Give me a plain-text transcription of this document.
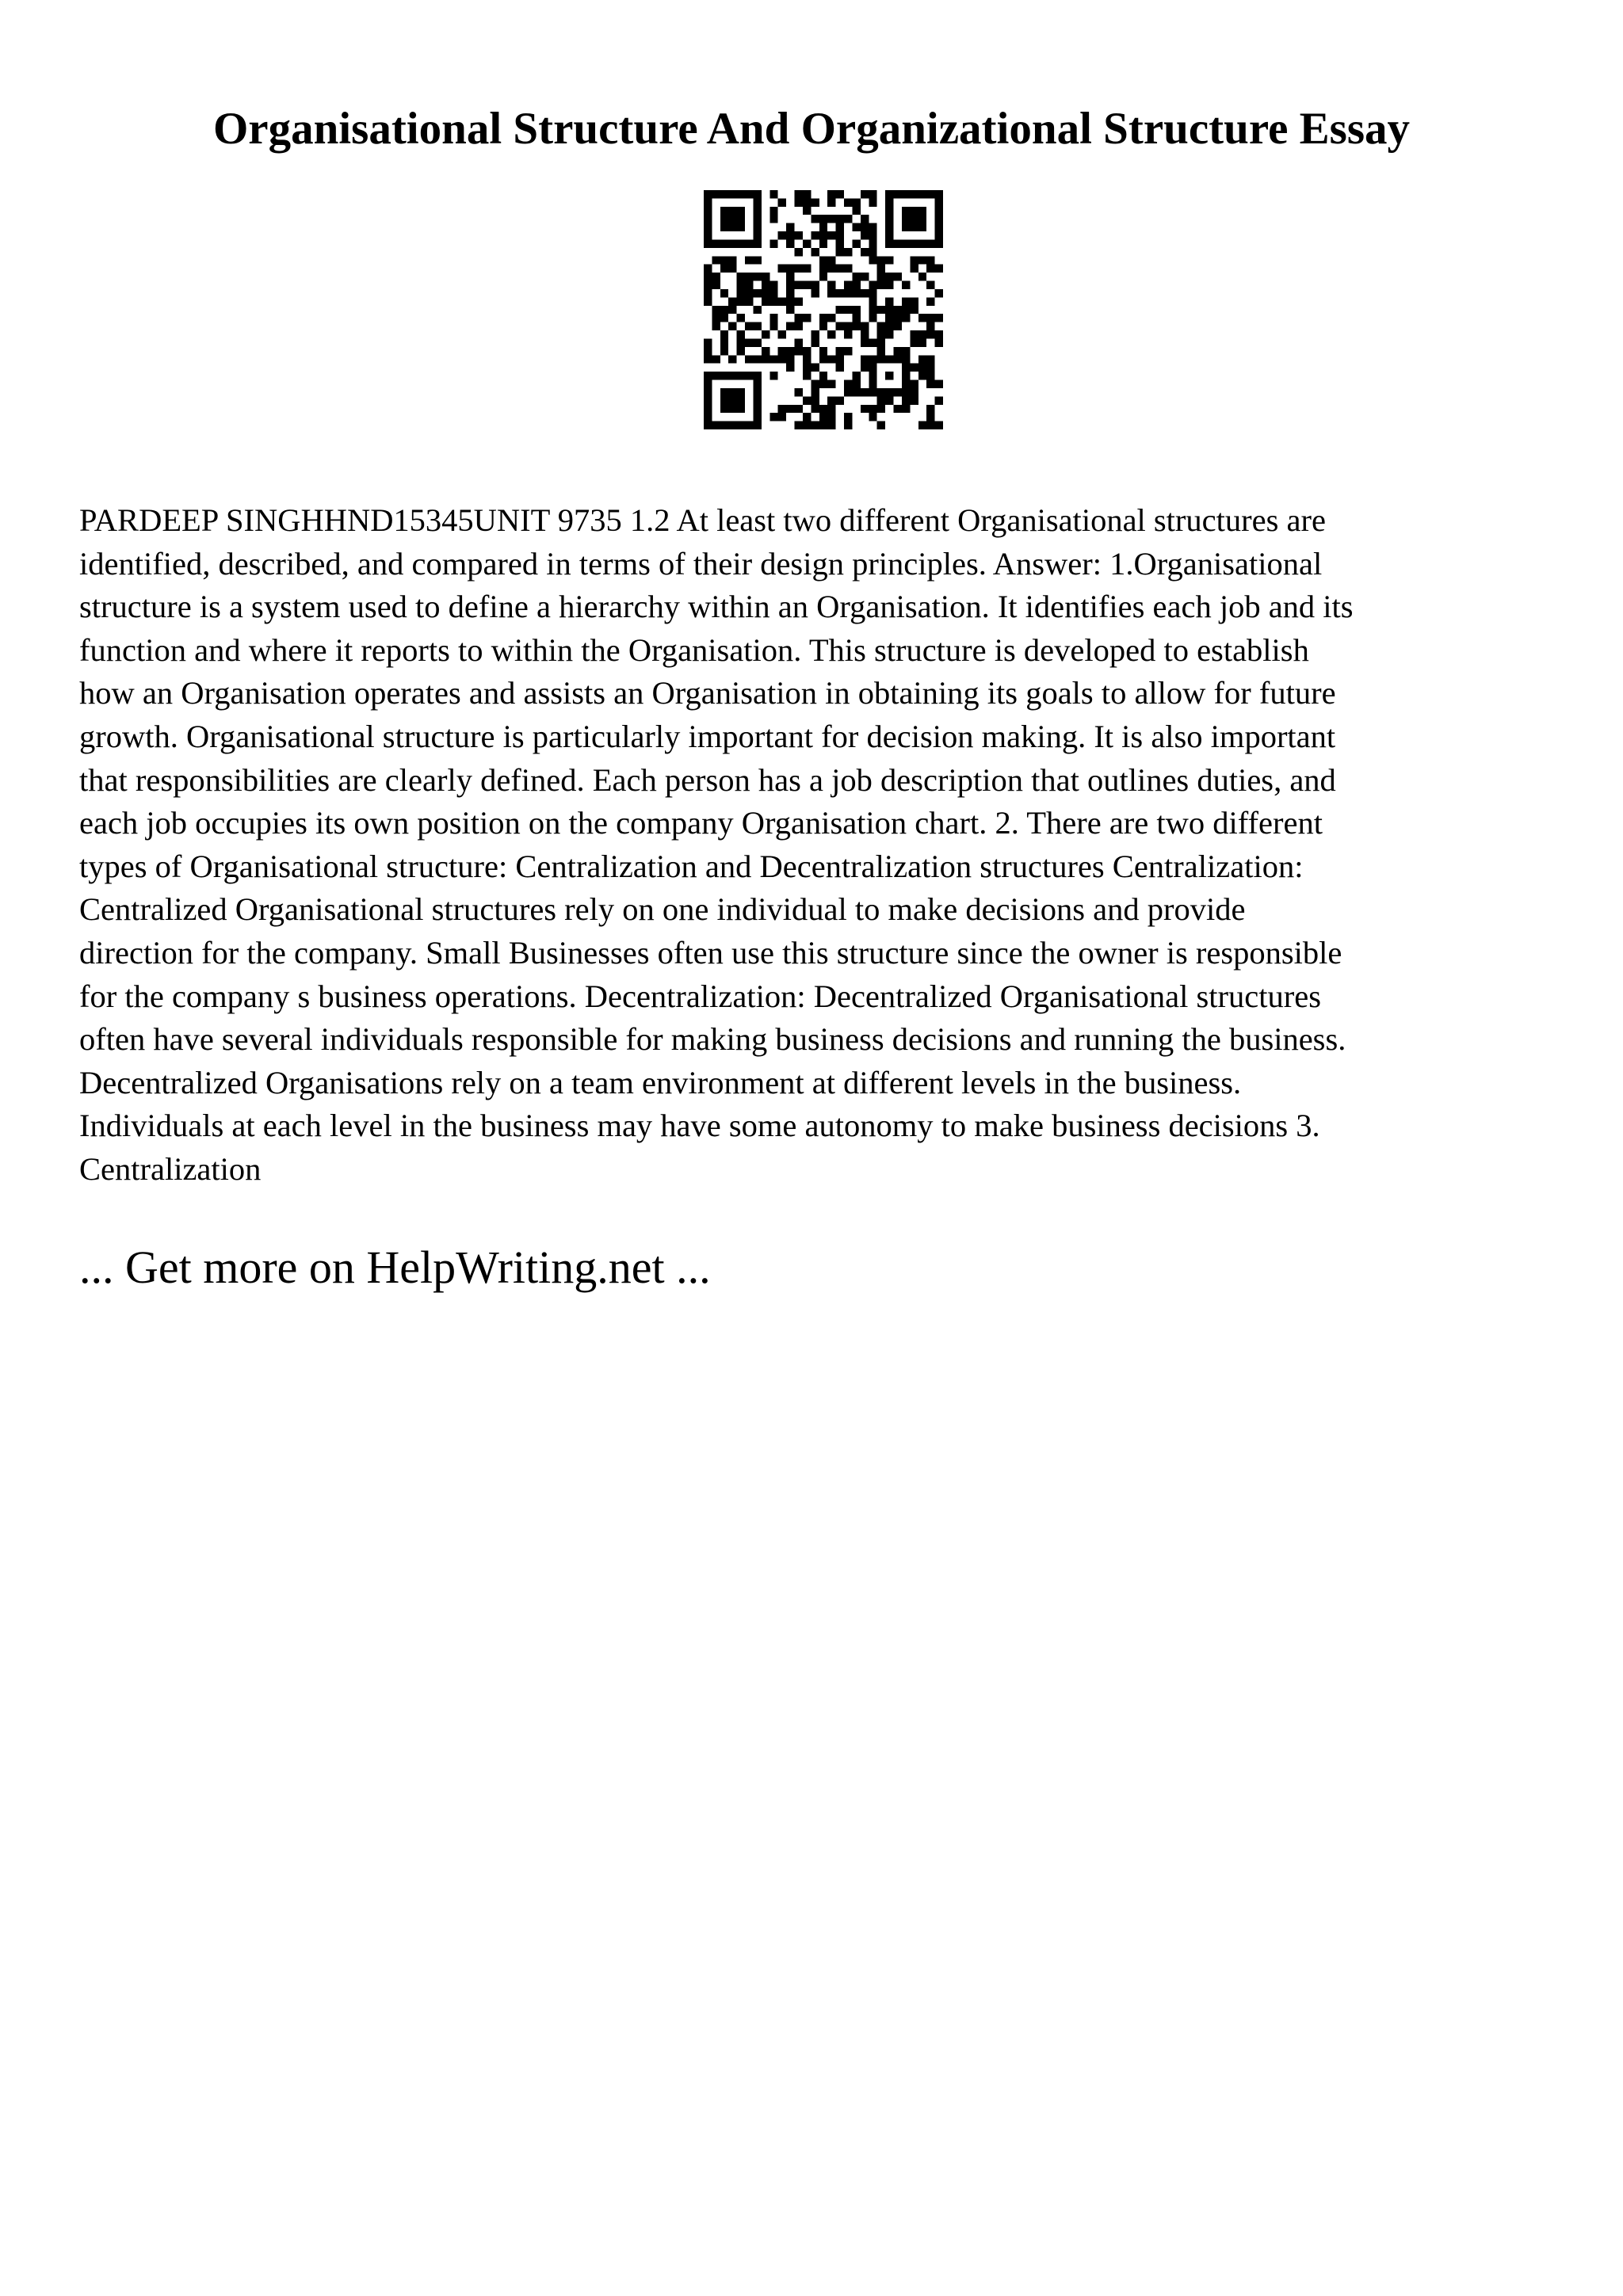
Organisational Structure And Organizational Structure Essay
PARDEEP SINGHHND15345UNIT 9735 1.2 At least two different Organisational structures are
identified, described, and compared in terms of their design principles. Answer: 1.Organisational
structure is a system used to define a hierarchy within an Organisation. It identifies each job and its
function and where it reports to within the Organisation. This structure is developed to establish
how an Organisation operates and assists an Organisation in obtaining its goals to allow for future
growth. Organisational structure is particularly important for decision making. It is also important
that responsibilities are clearly defined. Each person has a job description that outlines duties, and
each job occupies its own position on the company Organisation chart. 2. There are two different
types of Organisational structure: Centralization and Decentralization structures Centralization:
Centralized Organisational structures rely on one individual to make decisions and provide
direction for the company. Small Businesses often use this structure since the owner is responsible
for the company s business operations. Decentralization: Decentralized Organisational structures
often have several individuals responsible for making business decisions and running the business.
Decentralized Organisations rely on a team environment at different levels in the business.
Individuals at each level in the business may have some autonomy to make business decisions 3.
Centralization
... Get more on HelpWriting.net ...
